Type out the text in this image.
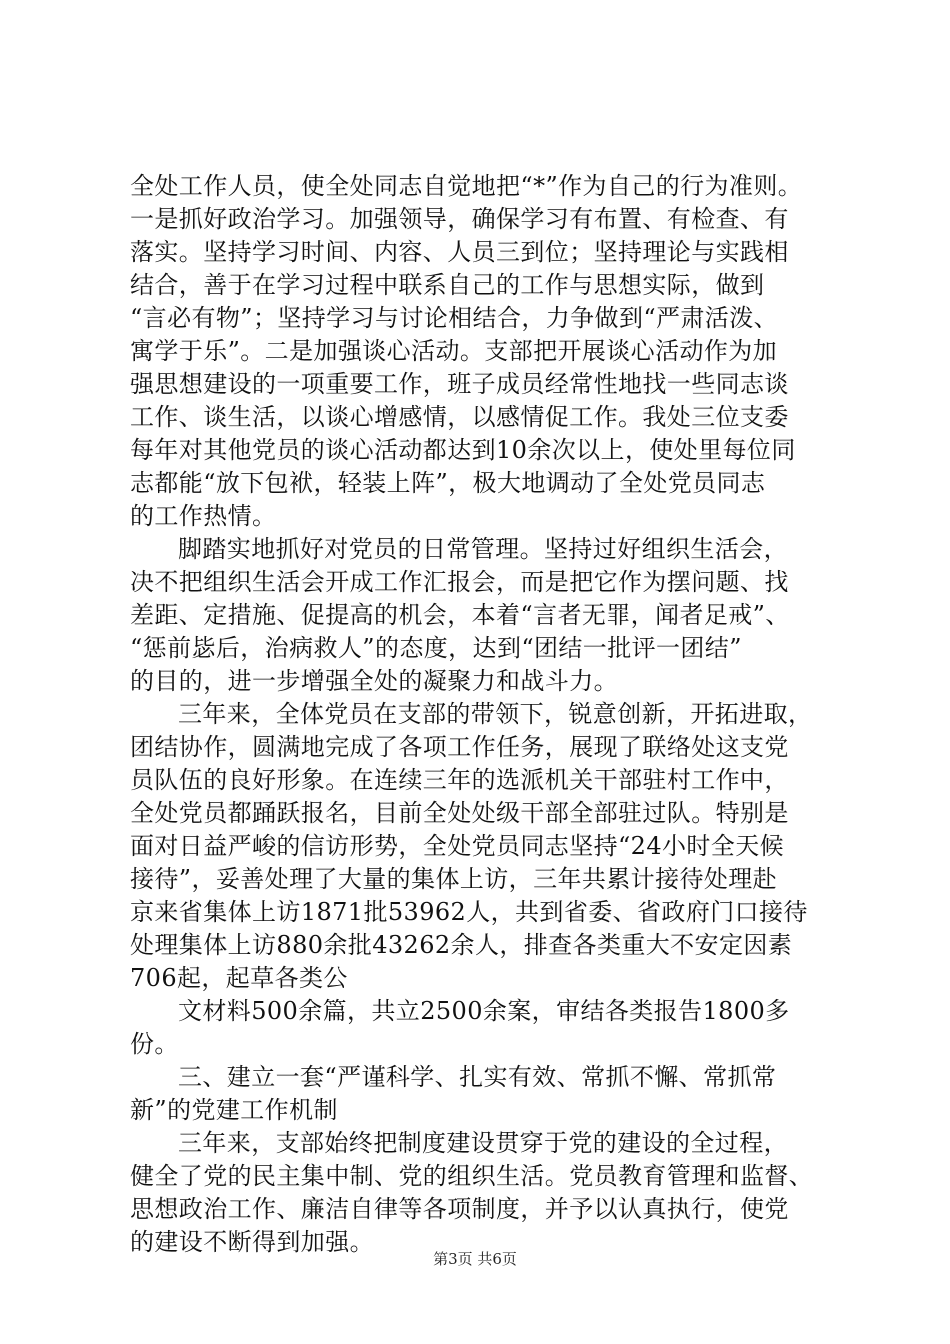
全处工作人员，使全处同志自觉地把“*”作为自己的行为准则。
一是抓好政治学习。加强领导，确保学习有布置、有检查、有
落实。坚持学习时间、内容、人员三到位；坚持理论与实践相
结合，善于在学习过程中联系自己的工作与思想实际，做到
“言必有物”；坚持学习与讨论相结合，力争做到“严肃活泼、
寓学于乐”。二是加强谈心活动。支部把开展谈心活动作为加
强思想建设的一项重要工作，班子成员经常性地找一些同志谈
工作、谈生活，以谈心增感情，以感情促工作。我处三位支委
每年对其他党员的谈心活动都达到10余次以上，使处里每位同
志都能“放下包袱，轻装上阵”，极大地调动了全处党员同志
的工作热情。
脚踏实地抓好对党员的日常管理。坚持过好组织生活会，
决不把组织生活会开成工作汇报会，而是把它作为摆问题、找
差距、定措施、促提高的机会，本着“言者无罪，闻者足戒”、
“惩前毖后，治病救人”的态度，达到“团结一批评一团结”
的目的，进一步增强全处的凝聚力和战斗力。
三年来，全体党员在支部的带领下，锐意创新，开拓进取，
团结协作，圆满地完成了各项工作任务，展现了联络处这支党
员队伍的良好形象。在连续三年的选派机关干部驻村工作中，
全处党员都踊跃报名，目前全处处级干部全部驻过队。特别是
面对日益严峻的信访形势，全处党员同志坚持“24小时全天候
接待”，妥善处理了大量的集体上访，三年共累计接待处理赴
京来省集体上访1871批53962人，共到省委、省政府门口接待
处理集体上访880余批43262余人，排查各类重大不安定因素
706起，起草各类公
文材料500余篇，共立2500余案，审结各类报告1800多
份。
三、建立一套“严谨科学、扎实有效、常抓不懈、常抓常
新”的党建工作机制
三年来，支部始终把制度建设贯穿于党的建设的全过程，
健全了党的民主集中制、党的组织生活。党员教育管理和监督、
思想政治工作、廉洁自律等各项制度，并予以认真执行，使党
的建设不断得到加强。
第3页 共6页
